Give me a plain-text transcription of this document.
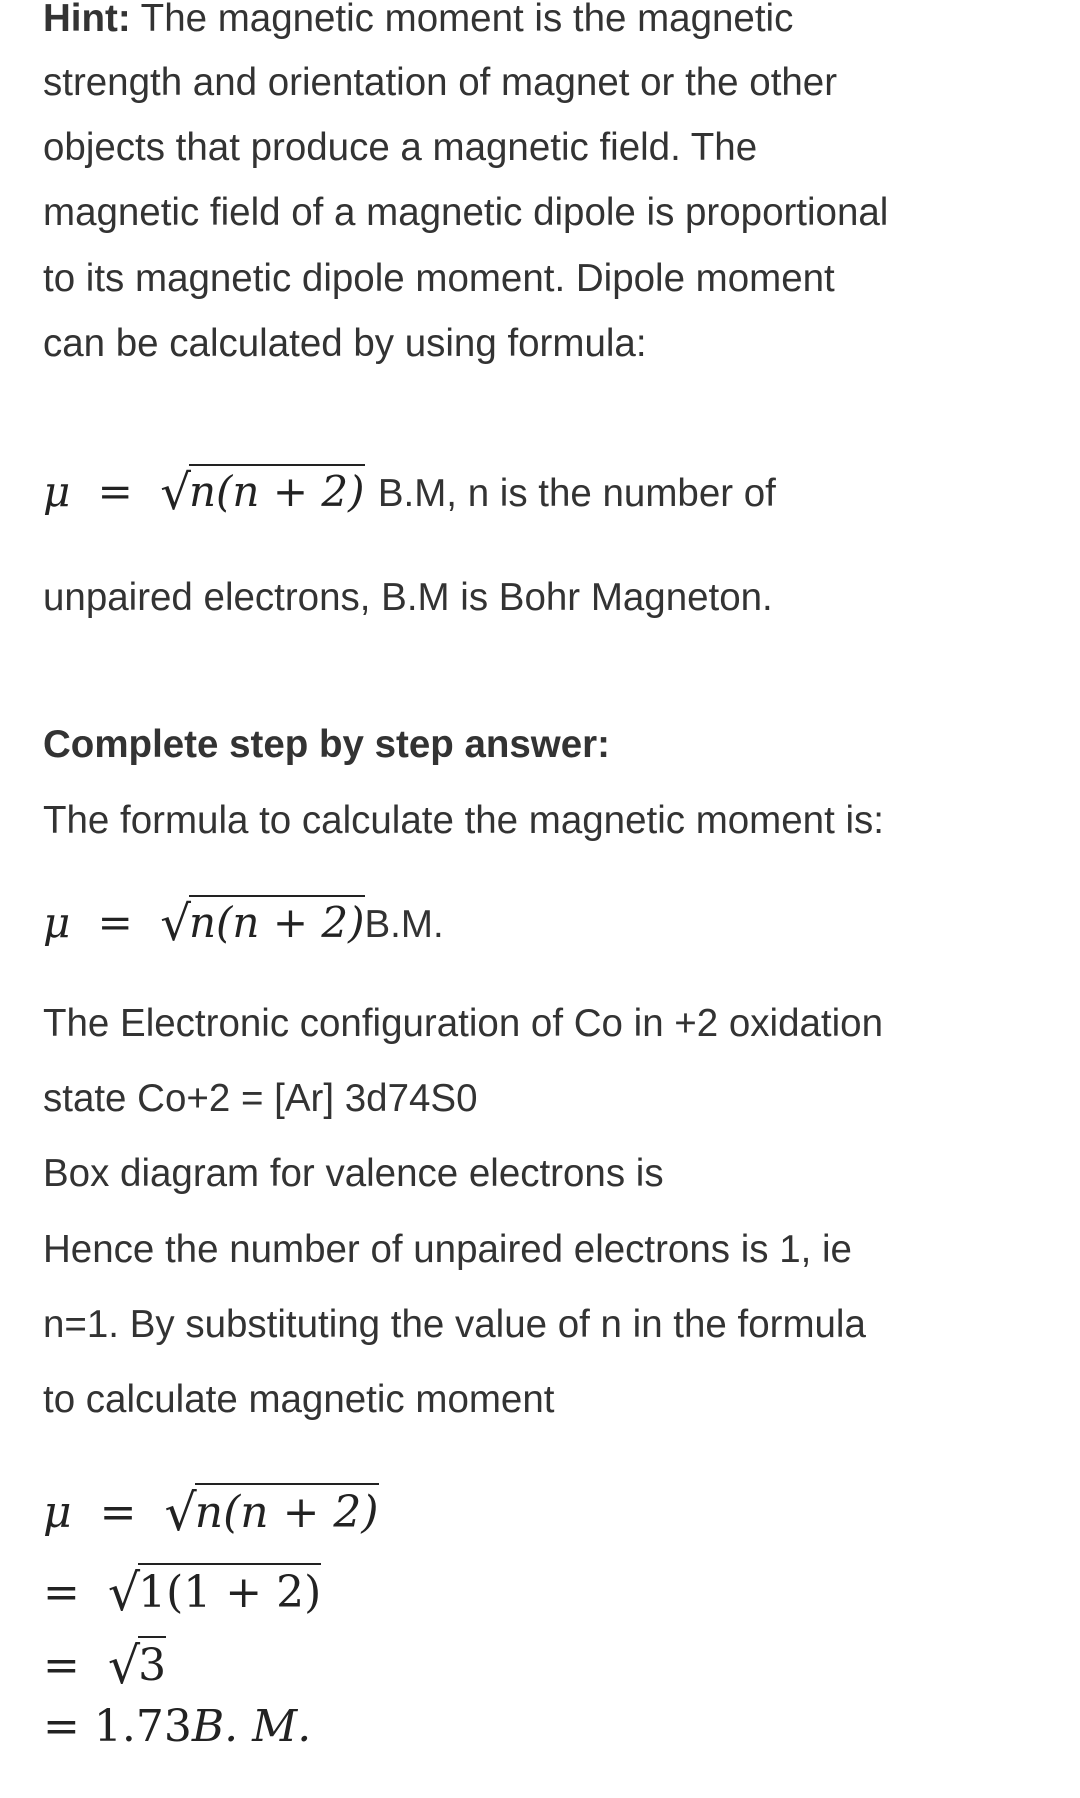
Hint: The magnetic moment is the magnetic
strength and orientation of magnet or the other
objects that produce a magnetic field. The
magnetic field of a magnetic dipole is proportional
to its magnetic dipole moment. Dipole moment
can be calculated by using formula:
μ = √n(n + 2) B.M, n is the number of
unpaired electrons, B.M is Bohr Magneton.
Complete step by step answer:
The formula to calculate the magnetic moment is:
μ = √n(n + 2)B.M.
The Electronic configuration of Co in +2 oxidation
state Co+2 = [Ar] 3d74S0
Box diagram for valence electrons is
Hence the number of unpaired electrons is 1, ie
n=1. By substituting the value of n in the formula
to calculate magnetic moment
μ = √n(n + 2)
= √1(1 + 2)
= √3
= 1.73B. M.
